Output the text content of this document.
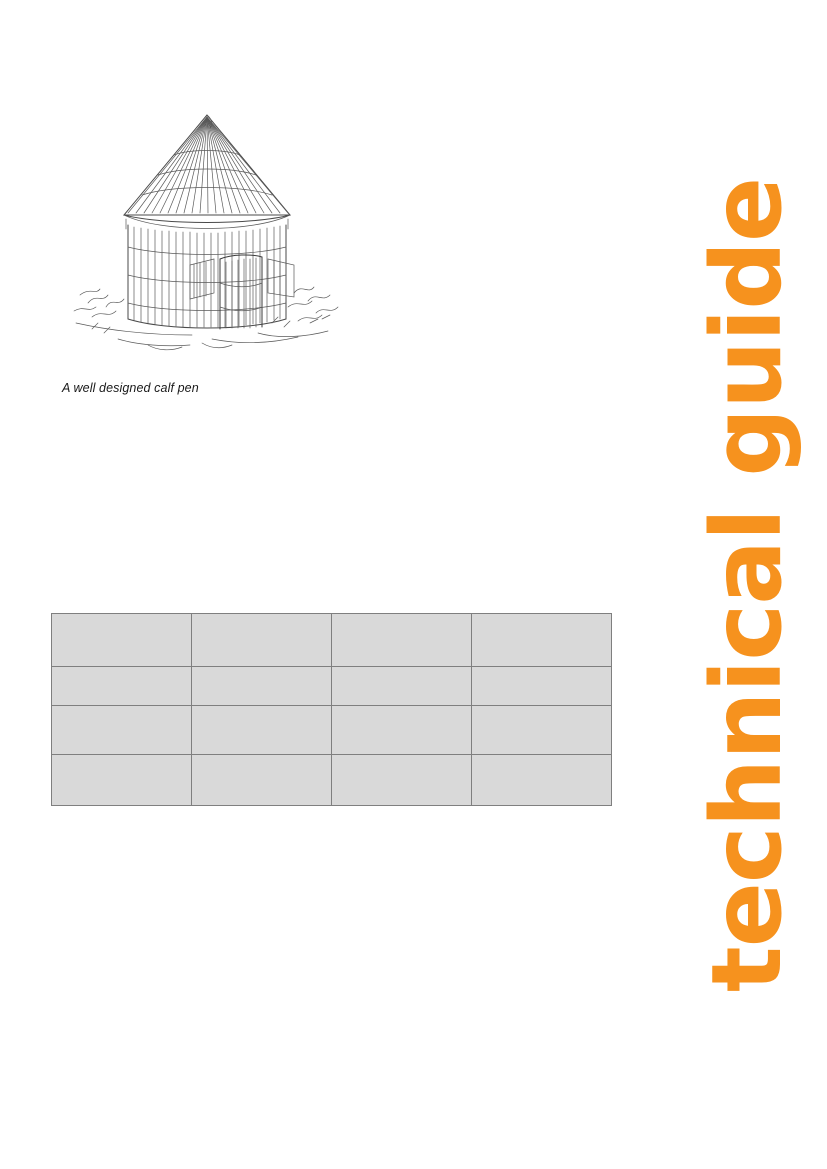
A well designed calf pen

		technical guide
